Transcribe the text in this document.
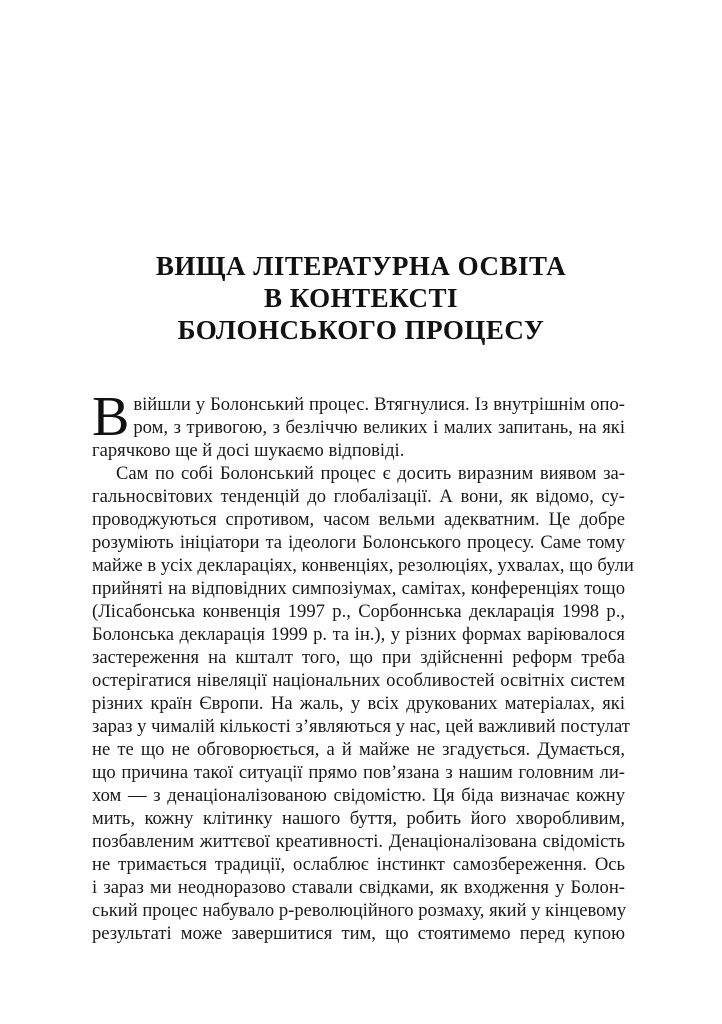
ВИЩА ЛІТЕРАТУРНА ОСВІТА
В КОНТЕКСТІ
БОЛОНСЬКОГО ПРОЦЕСУ
В війшли у Болонський процес. Втягнулися. Із внутрішнім опо-
ром, з тривогою, з безліччю великих і малих запитань, на які
гарячково ще й досі шукаємо відповіді.
Сам по собі Болонський процес є досить виразним виявом за-
гальносвітових тенденцій до глобалізації. А вони, як відомо, су-
проводжуються спротивом, часом вельми адекватним. Це добре
розуміють ініціатори та ідеологи Болонського процесу. Саме тому
майже в усіх деклараціях, конвенціях, резолюціях, ухвалах, що були
прийняті на відповідних симпозіумах, самітах, конференціях тощо
(Лісабонська конвенція 1997 р., Сорбоннська декларація 1998 р.,
Болонська декларація 1999 р. та ін.), у різних формах варіювалося
застереження на кшталт того, що при здійсненні реформ треба
остерігатися нівеляції національних особливостей освітніх систем
різних країн Європи. На жаль, у всіх друкованих матеріалах, які
зараз у чималій кількості з’являються у нас, цей важливий постулат
не те що не обговорюється, а й майже не згадується. Думається,
що причина такої ситуації прямо пов’язана з нашим головним ли-
хом — з денаціоналізованою свідомістю. Ця біда визначає кожну
мить, кожну клітинку нашого буття, робить його хворобливим,
позбавленим життєвої креативності. Денаціоналізована свідомість
не тримається традиції, ослаблює інстинкт самозбереження. Ось
і зараз ми неодноразово ставали свідками, як входження у Болон-
ський процес набувало р-революційного розмаху, який у кінцевому
результаті може завершитися тим, що стоятимемо перед купою
